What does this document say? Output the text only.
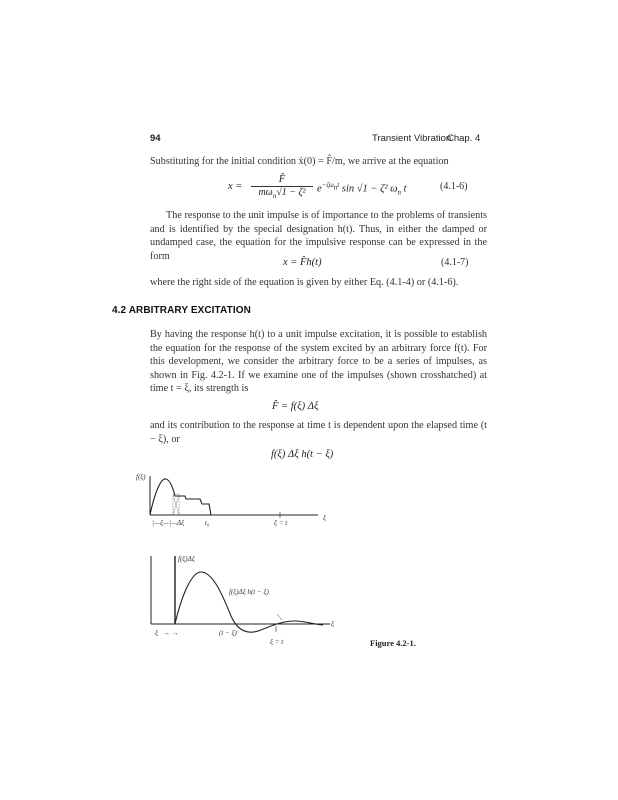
94	Transient Vibration
Chap. 4
Substituting for the initial condition ẋ(0) = F̂/m, we arrive at the equation
x =
F̂
$m\omega_n√1 - \zeta^2$	$e^{-\zeta\omega_nt}$ sin √1 − ζ² $\omega_n$ t	(4.1-6)
The response to the unit impulse is of importance to the problems of transients and is identified by the special designation h(t). Thus, in either the damped or undamped case, the equation for the impulsive response can be expressed in the form
x = F̂h(t)	(4.1-7)
where the right side of the equation is given by either Eq. (4.1-4) or (4.1-6).
4.2 ARBITRARY EXCITATION
By having the response h(t) to a unit impulse excitation, it is possible to establish the equation for the response of the system excited by an arbitrary force f(t). For this development, we consider the arbitrary force to be a series of impulses, as shown in Fig. 4.2-1. If we examine one of the impulses (shown crosshatched) at time t = ξ, its strength is
F̂ = f(ξ) Δξ
and its contribution to the response at time t is dependent upon the elapsed time (t − ξ), or
f(ξ) Δξ h(t − ξ)
f(ξ)
|—ξ—|— Δξ	t₀	ξ = t
ξ
f(ξ)Δξ
f(ξ)Δξ h(t − ξ)
ξ
ξ → →	(t − ξ)
ξ = t	Figure 4.2-1.
